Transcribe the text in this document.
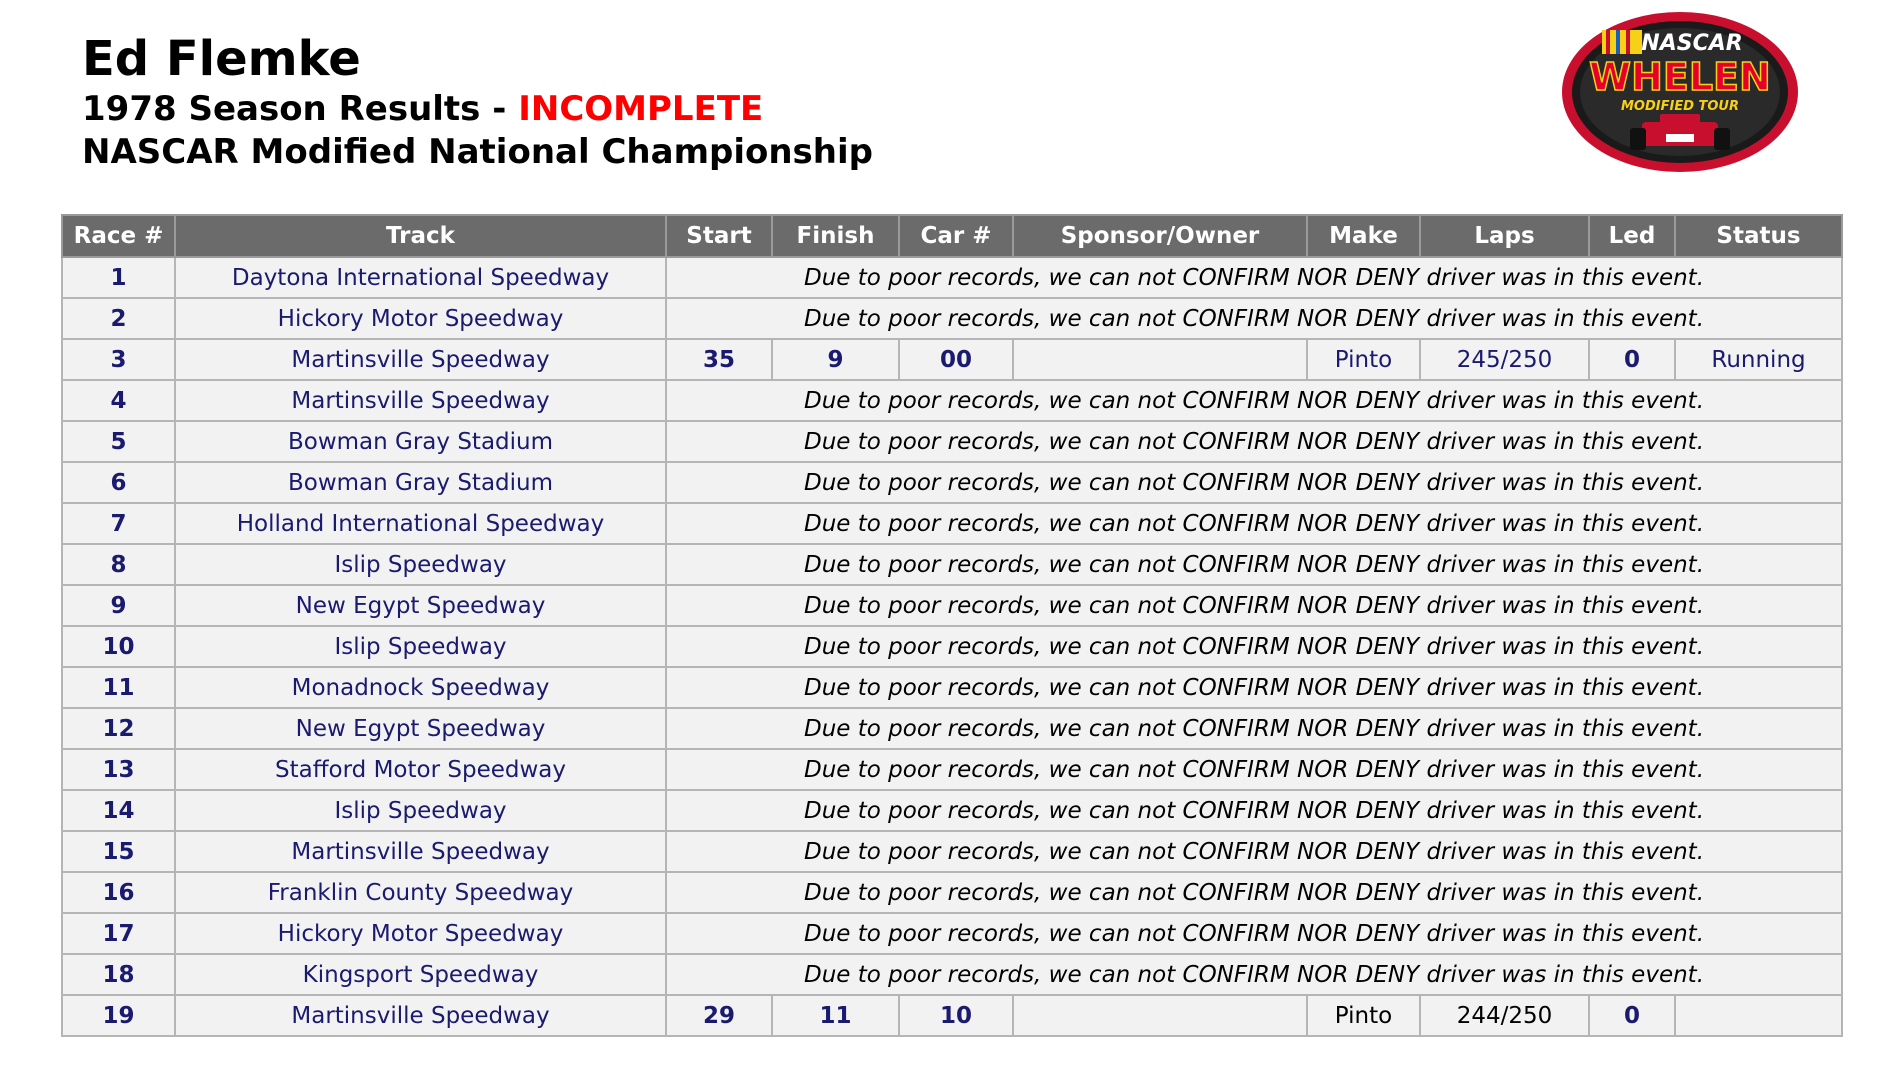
Ed Flemke
1978 Season Results - INCOMPLETE
NASCAR Modified National Championship
NASCAR
WHELEN
MODIFIED TOUR
Race #	Track	Start	Finish	Car #	Sponsor/Owner	Make	Laps	Led	Status
1	Daytona International Speedway	Due to poor records, we can not CONFIRM NOR DENY driver was in this event.							
2	Hickory Motor Speedway	Due to poor records, we can not CONFIRM NOR DENY driver was in this event.							
3	Martinsville Speedway	35	9	00		Pinto	245/250	0	Running
4	Martinsville Speedway	Due to poor records, we can not CONFIRM NOR DENY driver was in this event.							
5	Bowman Gray Stadium	Due to poor records, we can not CONFIRM NOR DENY driver was in this event.							
6	Bowman Gray Stadium	Due to poor records, we can not CONFIRM NOR DENY driver was in this event.							
7	Holland International Speedway	Due to poor records, we can not CONFIRM NOR DENY driver was in this event.							
8	Islip Speedway	Due to poor records, we can not CONFIRM NOR DENY driver was in this event.							
9	New Egypt Speedway	Due to poor records, we can not CONFIRM NOR DENY driver was in this event.							
10	Islip Speedway	Due to poor records, we can not CONFIRM NOR DENY driver was in this event.							
11	Monadnock Speedway	Due to poor records, we can not CONFIRM NOR DENY driver was in this event.							
12	New Egypt Speedway	Due to poor records, we can not CONFIRM NOR DENY driver was in this event.							
13	Stafford Motor Speedway	Due to poor records, we can not CONFIRM NOR DENY driver was in this event.							
14	Islip Speedway	Due to poor records, we can not CONFIRM NOR DENY driver was in this event.							
15	Martinsville Speedway	Due to poor records, we can not CONFIRM NOR DENY driver was in this event.							
16	Franklin County Speedway	Due to poor records, we can not CONFIRM NOR DENY driver was in this event.							
17	Hickory Motor Speedway	Due to poor records, we can not CONFIRM NOR DENY driver was in this event.							
18	Kingsport Speedway	Due to poor records, we can not CONFIRM NOR DENY driver was in this event.							
19	Martinsville Speedway	29	11	10		Pinto	244/250	0	
